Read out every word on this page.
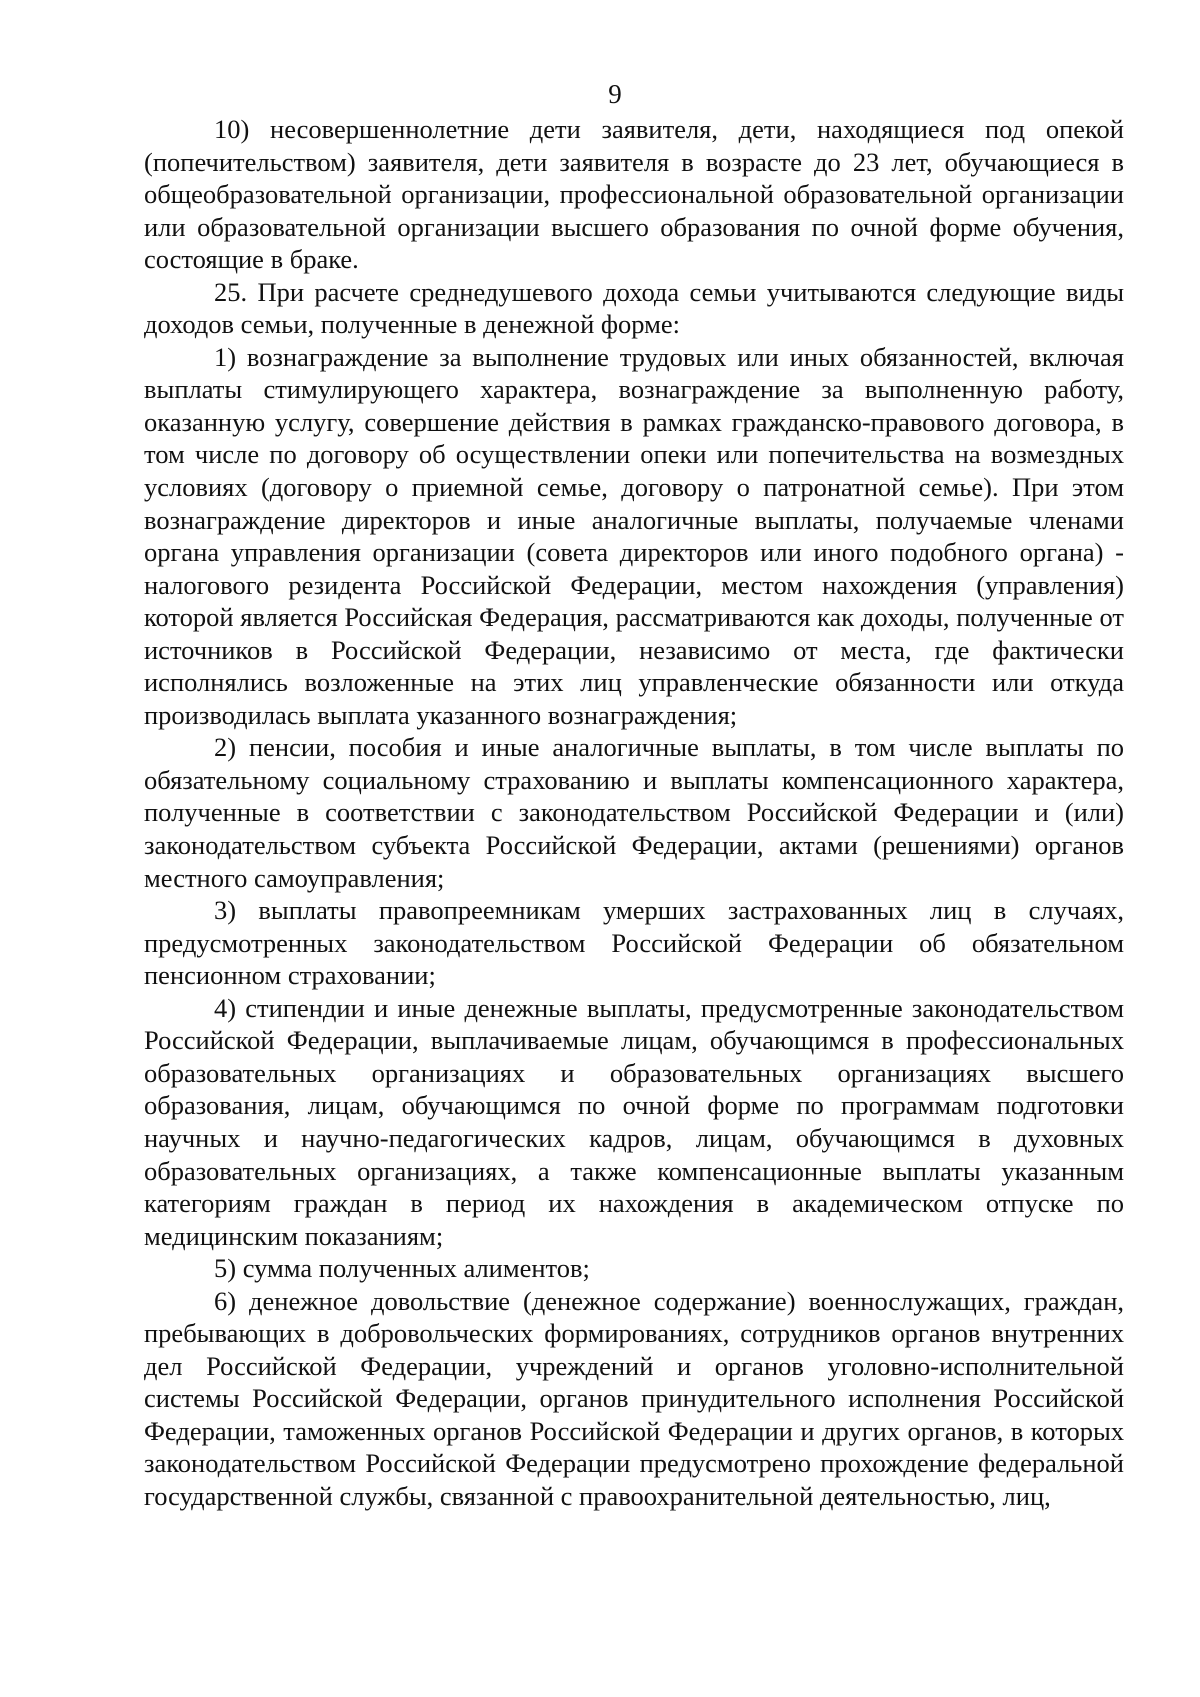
9

10) несовершеннолетние дети заявителя, дети, находящиеся под опекой (попечительством) заявителя, дети заявителя в возрасте до 23 лет, обучающиеся в общеобразовательной организации, профессиональной образовательной организации или образовательной организации высшего образования по очной форме обучения, состоящие в браке.

25. При расчете среднедушевого дохода семьи учитываются следующие виды доходов семьи, полученные в денежной форме:

1) вознаграждение за выполнение трудовых или иных обязанностей, включая выплаты стимулирующего характера, вознаграждение за выполненную работу, оказанную услугу, совершение действия в рамках гражданско-правового договора, в том числе по договору об осуществлении опеки или попечительства на возмездных условиях (договору о приемной семье, договору о патронатной семье). При этом вознаграждение директоров и иные аналогичные выплаты, получаемые членами органа управления организации (совета директоров или иного подобного органа) - налогового резидента Российской Федерации, местом нахождения (управления) которой является Российская Федерация, рассматриваются как доходы, полученные от источников в Российской Федерации, независимо от места, где фактически исполнялись возложенные на этих лиц управленческие обязанности или откуда производилась выплата указанного вознаграждения;

2) пенсии, пособия и иные аналогичные выплаты, в том числе выплаты по обязательному социальному страхованию и выплаты компенсационного характера, полученные в соответствии с законодательством Российской Федерации и (или) законодательством субъекта Российской Федерации, актами (решениями) органов местного самоуправления;

3) выплаты правопреемникам умерших застрахованных лиц в случаях, предусмотренных законодательством Российской Федерации об обязательном пенсионном страховании;

4) стипендии и иные денежные выплаты, предусмотренные законодательством Российской Федерации, выплачиваемые лицам, обучающимся в профессиональных образовательных организациях и образовательных организациях высшего образования, лицам, обучающимся по очной форме по программам подготовки научных и научно-педагогических кадров, лицам, обучающимся в духовных образовательных организациях, а также компенсационные выплаты указанным категориям граждан в период их нахождения в академическом отпуске по медицинским показаниям;

5) сумма полученных алиментов;

6) денежное довольствие (денежное содержание) военнослужащих, граждан, пребывающих в добровольческих формированиях, сотрудников органов внутренних дел Российской Федерации, учреждений и органов уголовно-исполнительной системы Российской Федерации, органов принудительного исполнения Российской Федерации, таможенных органов Российской Федерации и других органов, в которых законодательством Российской Федерации предусмотрено прохождение федеральной государственной службы, связанной с правоохранительной деятельностью, лиц,
